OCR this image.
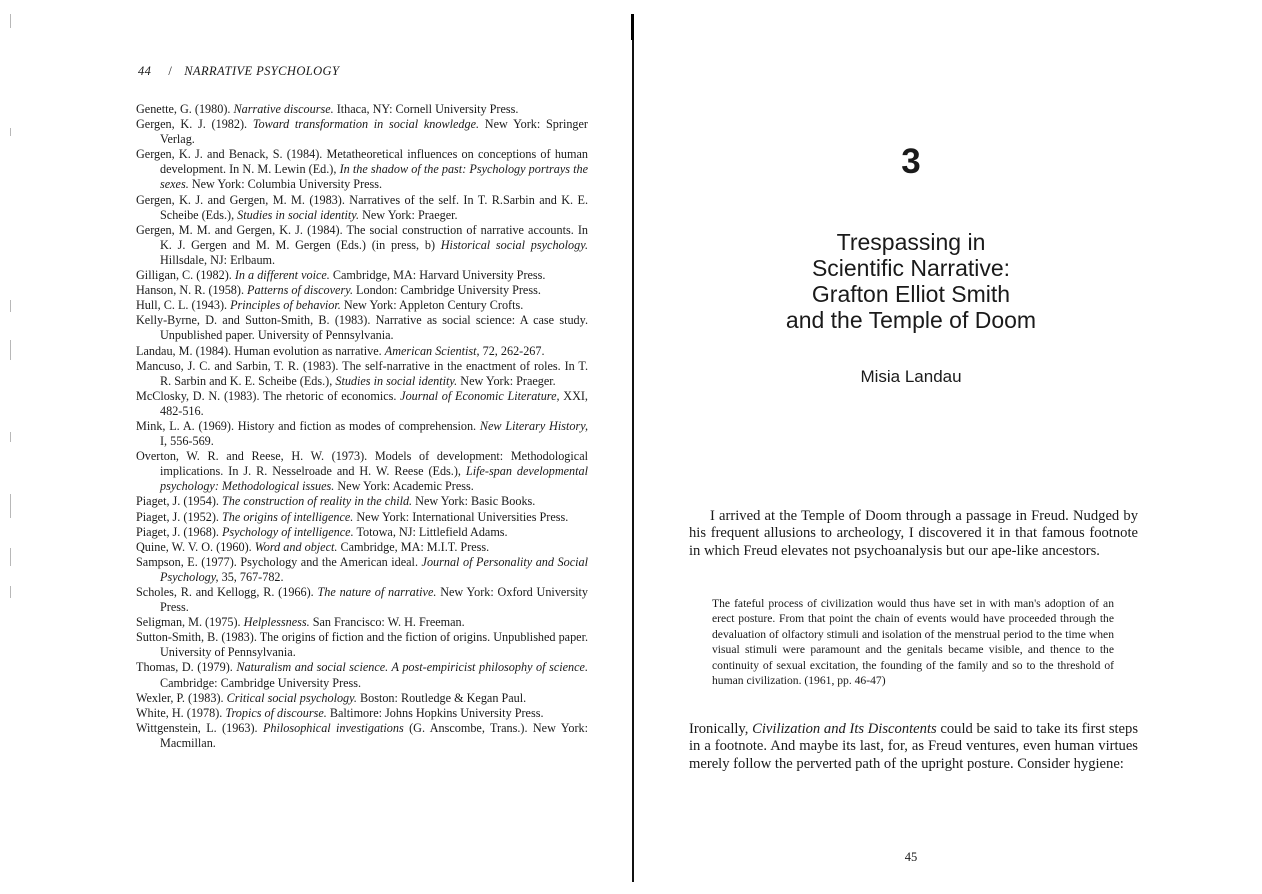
44 / NARRATIVE PSYCHOLOGY
Genette, G. (1980). Narrative discourse. Ithaca, NY: Cornell University Press.
Gergen, K. J. (1982). Toward transformation in social knowledge. New York: Springer Verlag.
Gergen, K. J. and Benack, S. (1984). Metatheoretical influences on conceptions of human development. In N. M. Lewin (Ed.), In the shadow of the past: Psychology portrays the sexes. New York: Columbia University Press.
Gergen, K. J. and Gergen, M. M. (1983). Narratives of the self. In T. R.Sarbin and K. E. Scheibe (Eds.), Studies in social identity. New York: Praeger.
Gergen, M. M. and Gergen, K. J. (1984). The social construction of narrative accounts. In K. J. Gergen and M. M. Gergen (Eds.) (in press, b) Historical social psychology. Hillsdale, NJ: Erlbaum.
Gilligan, C. (1982). In a different voice. Cambridge, MA: Harvard University Press.
Hanson, N. R. (1958). Patterns of discovery. London: Cambridge University Press.
Hull, C. L. (1943). Principles of behavior. New York: Appleton Century Crofts.
Kelly-Byrne, D. and Sutton-Smith, B. (1983). Narrative as social science: A case study. Unpublished paper. University of Pennsylvania.
Landau, M. (1984). Human evolution as narrative. American Scientist, 72, 262-267.
Mancuso, J. C. and Sarbin, T. R. (1983). The self-narrative in the enactment of roles. In T. R. Sarbin and K. E. Scheibe (Eds.), Studies in social identity. New York: Praeger.
McClosky, D. N. (1983). The rhetoric of economics. Journal of Economic Literature, XXI, 482-516.
Mink, L. A. (1969). History and fiction as modes of comprehension. New Literary History, I, 556-569.
Overton, W. R. and Reese, H. W. (1973). Models of development: Methodological implications. In J. R. Nesselroade and H. W. Reese (Eds.), Life-span developmental psychology: Methodological issues. New York: Academic Press.
Piaget, J. (1954). The construction of reality in the child. New York: Basic Books.
Piaget, J. (1952). The origins of intelligence. New York: International Universities Press.
Piaget, J. (1968). Psychology of intelligence. Totowa, NJ: Littlefield Adams.
Quine, W. V. O. (1960). Word and object. Cambridge, MA: M.I.T. Press.
Sampson, E. (1977). Psychology and the American ideal. Journal of Personality and Social Psychology, 35, 767-782.
Scholes, R. and Kellogg, R. (1966). The nature of narrative. New York: Oxford University Press.
Seligman, M. (1975). Helplessness. San Francisco: W. H. Freeman.
Sutton-Smith, B. (1983). The origins of fiction and the fiction of origins. Unpublished paper. University of Pennsylvania.
Thomas, D. (1979). Naturalism and social science. A post-empiricist philosophy of science. Cambridge: Cambridge University Press.
Wexler, P. (1983). Critical social psychology. Boston: Routledge & Kegan Paul.
White, H. (1978). Tropics of discourse. Baltimore: Johns Hopkins University Press.
Wittgenstein, L. (1963). Philosophical investigations (G. Anscombe, Trans.). New York: Macmillan.
3
Trespassing in
Scientific Narrative:
Grafton Elliot Smith
and the Temple of Doom
Misia Landau

I arrived at the Temple of Doom through a passage in Freud. Nudged by his frequent allusions to archeology, I discovered it in that famous footnote in which Freud elevates not psychoanalysis but our ape-like ancestors.

The fateful process of civilization would thus have set in with man's adoption of an erect posture. From that point the chain of events would have proceeded through the devaluation of olfactory stimuli and isolation of the menstrual period to the time when visual stimuli were paramount and the genitals became visible, and thence to the continuity of sexual excitation, the founding of the family and so to the threshold of human civilization. (1961, pp. 46-47)

Ironically, Civilization and Its Discontents could be said to take its first steps in a footnote. And maybe its last, for, as Freud ventures, even human virtues merely follow the perverted path of the upright posture. Consider hygiene:

45
